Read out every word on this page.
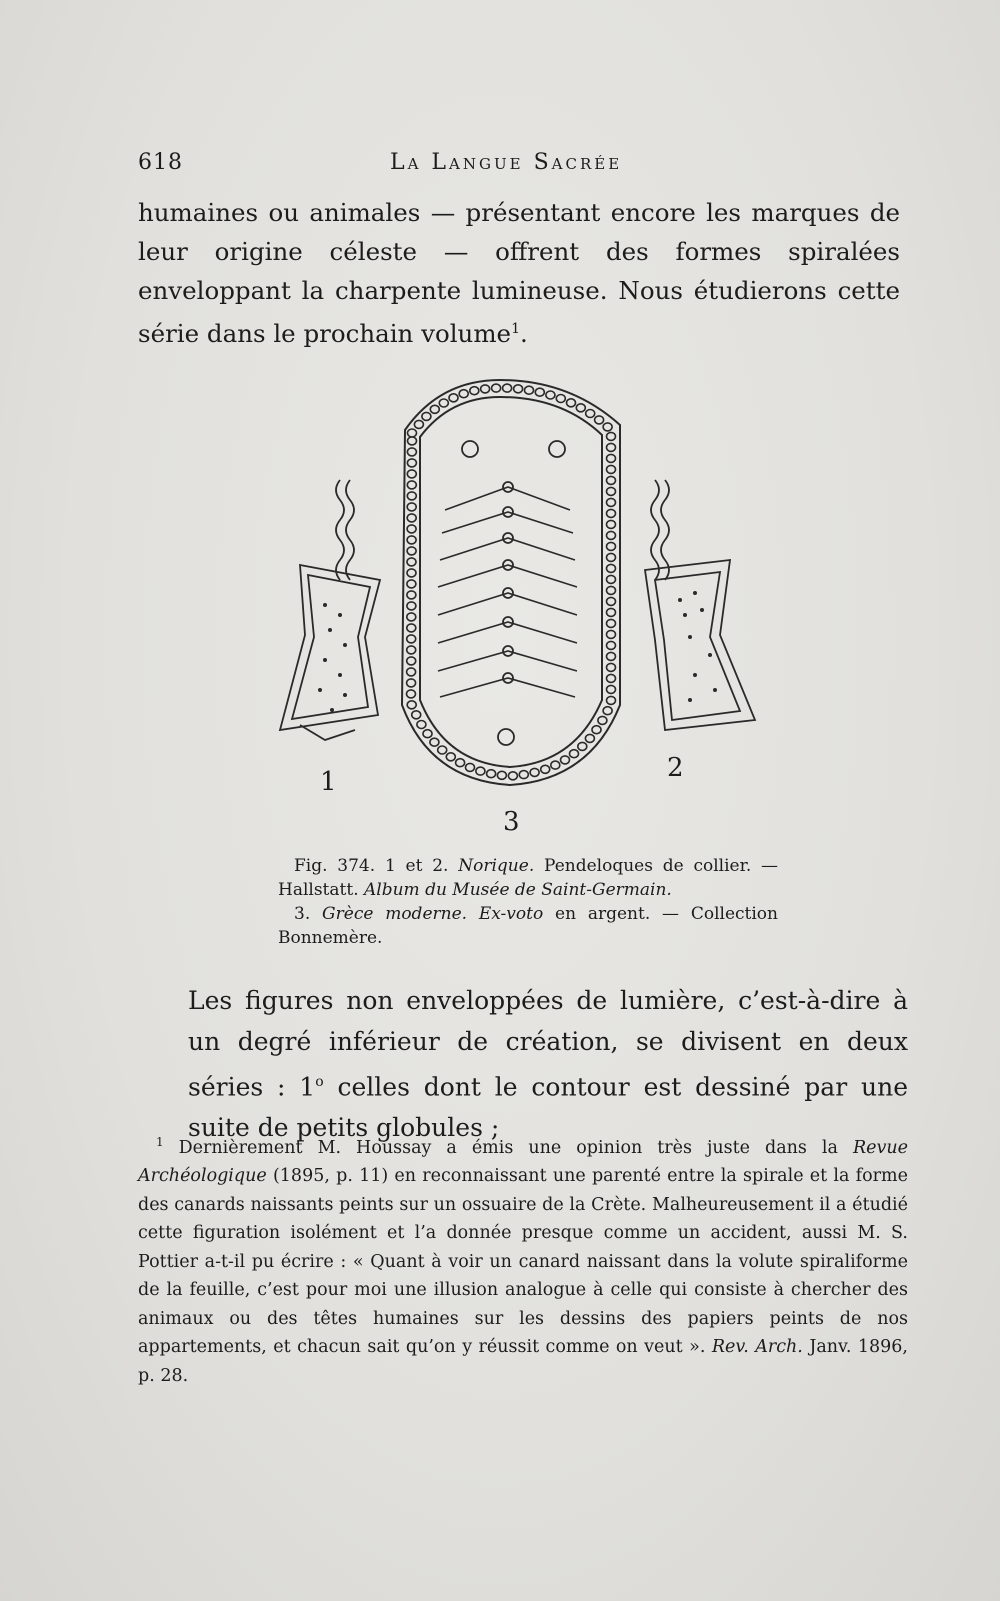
618	La Langue Sacrée

humaines ou animales — présentant encore les marques de leur origine céleste — offrent des formes spiralées enveloppant la charpente lumineuse. Nous étudierons cette série dans le prochain volume$^1$.

1	2
3

Fig. 374. 1 et 2. Norique. Pendeloques de collier. — Hallstatt. Album du Musée de Saint-Germain.
3. Grèce moderne. Ex-voto en argent. — Collection Bonnemère.

Les figures non enveloppées de lumière, c’est-à-dire à un degré inférieur de création, se divisent en deux séries : 1$^o$ celles dont le contour est dessiné par une suite de petits globules ;

$^1$ Dernièrement M. Houssay a émis une opinion très juste dans la Revue Archéologique (1895, p. 11) en reconnaissant une parenté entre la spirale et la forme des canards naissants peints sur un ossuaire de la Crète. Malheureusement il a étudié cette figuration isolément et l’a donnée presque comme un accident, aussi M. S. Pottier a-t-il pu écrire : « Quant à voir un canard naissant dans la volute spiraliforme de la feuille, c’est pour moi une illusion analogue à celle qui consiste à chercher des animaux ou des têtes humaines sur les dessins des papiers peints de nos appartements, et chacun sait qu’on y réussit comme on veut ». Rev. Arch. Janv. 1896, p. 28.
